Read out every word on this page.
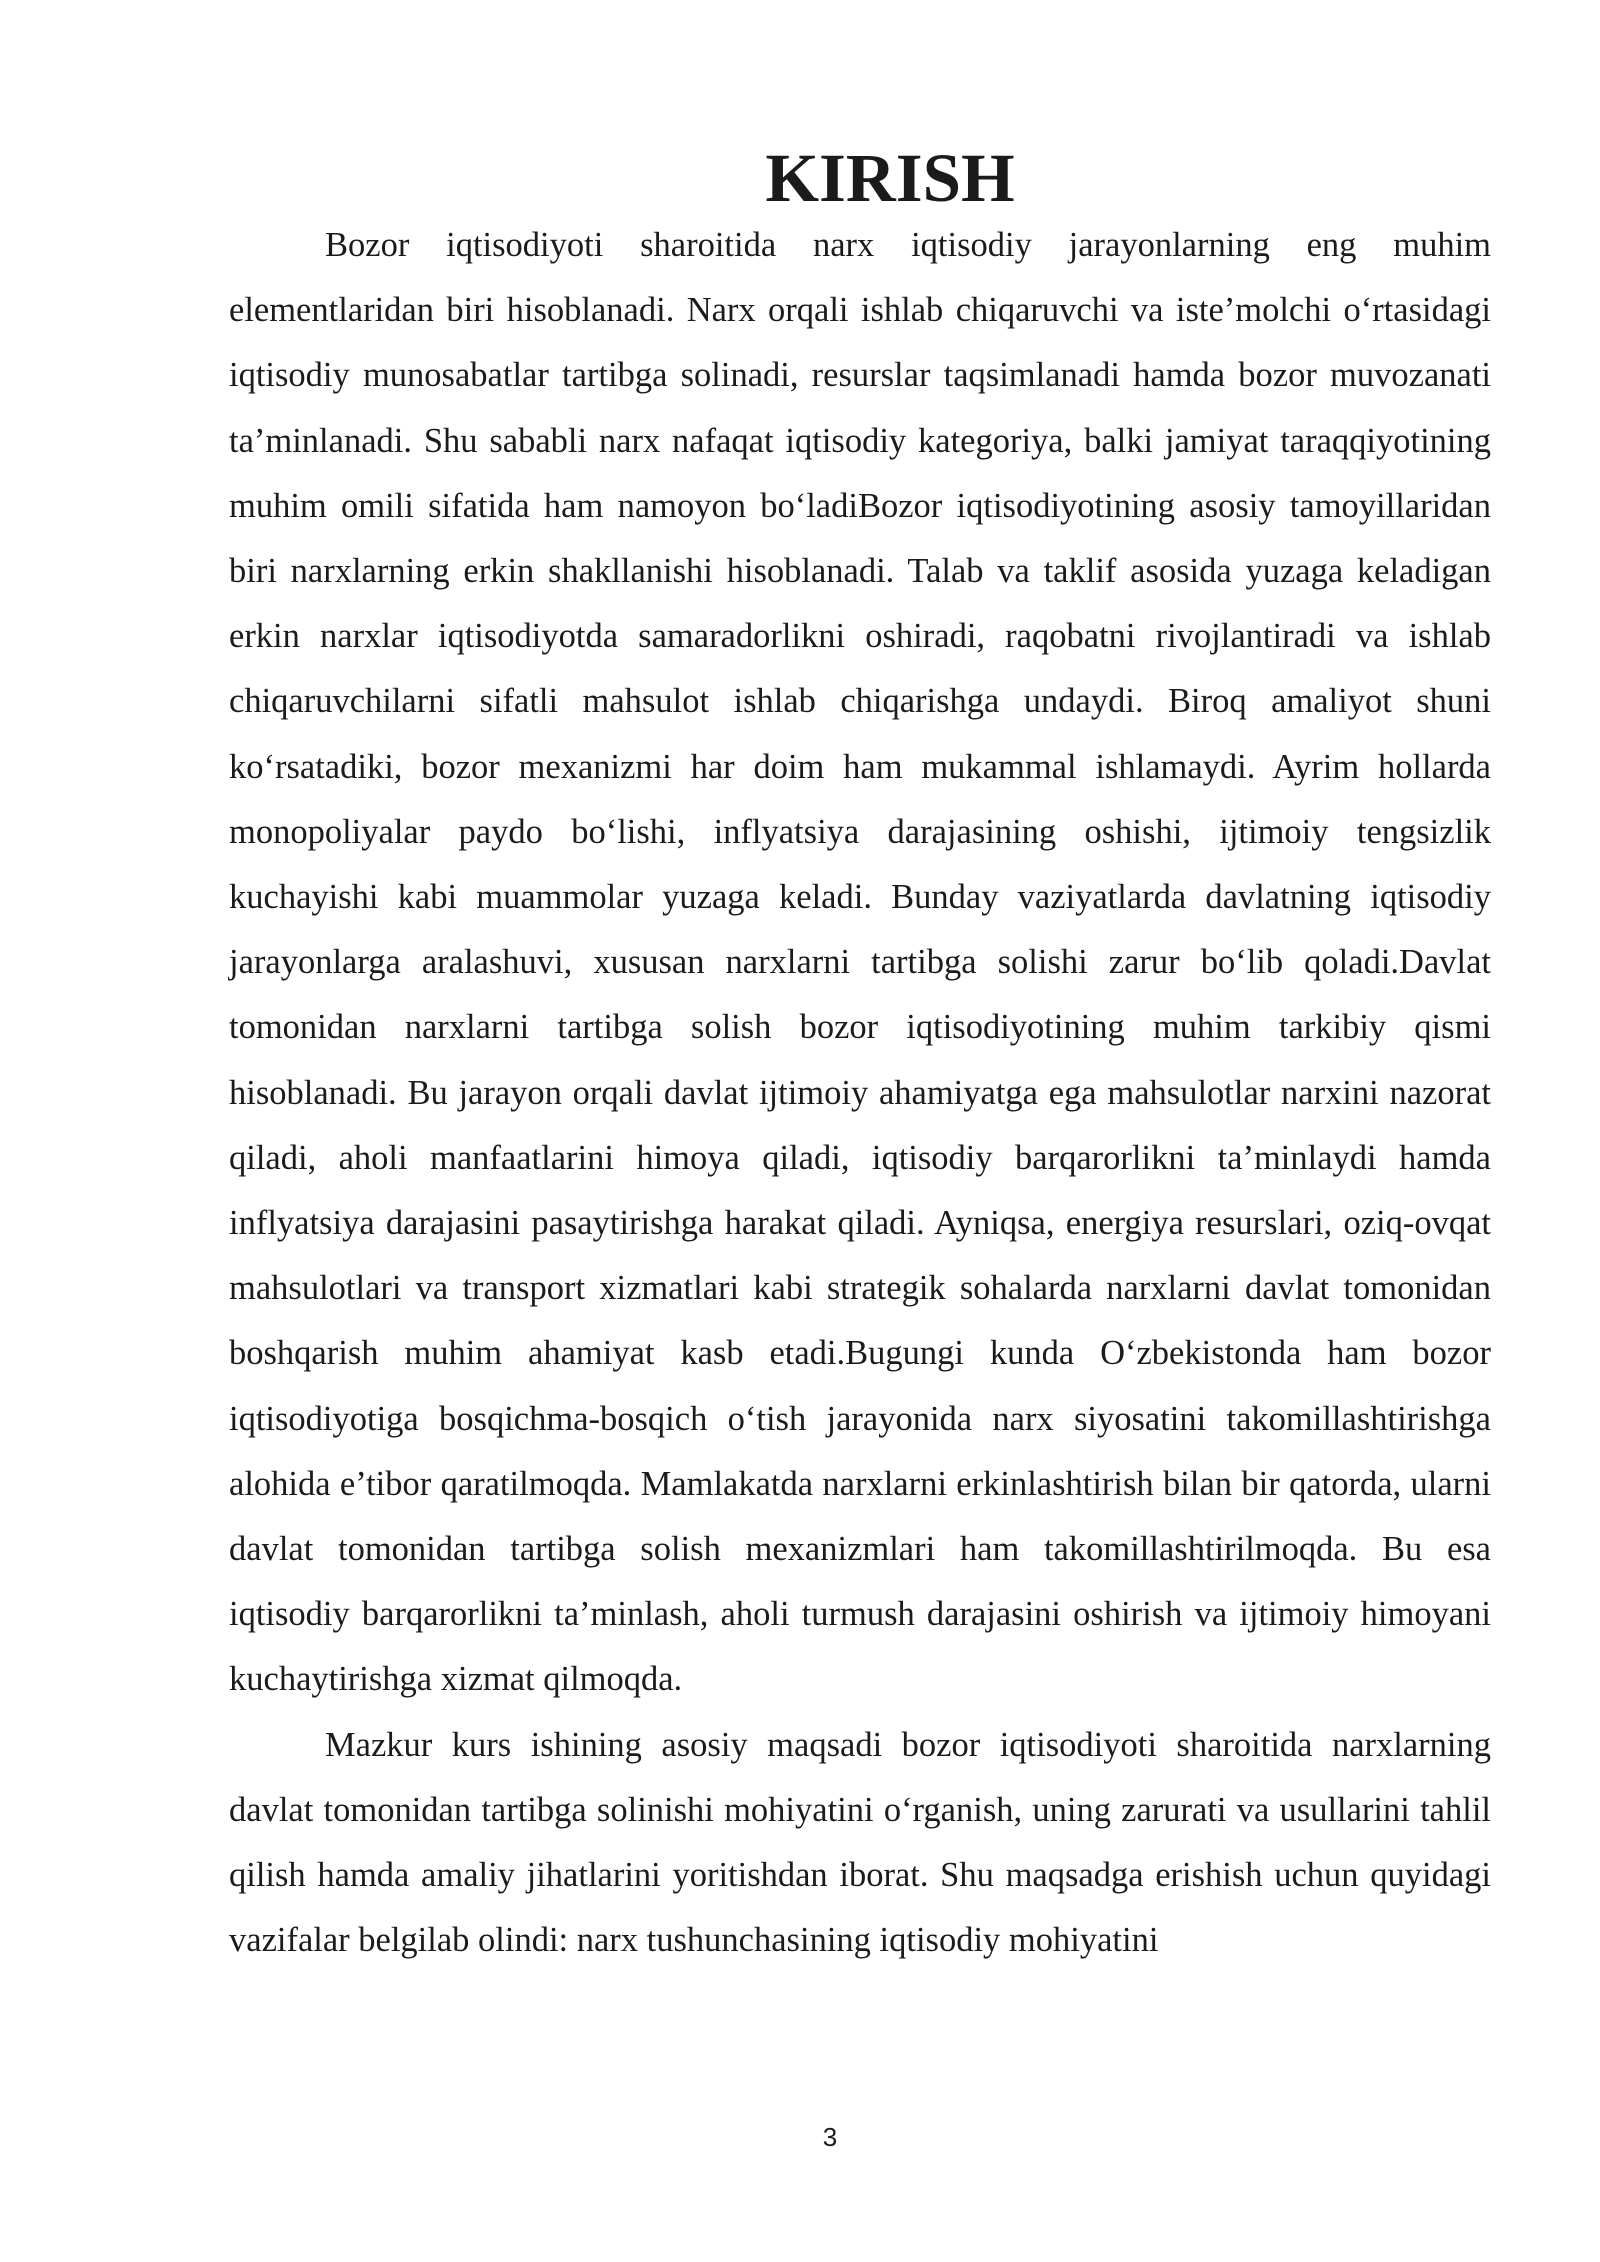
KIRISH

Bozor iqtisodiyoti sharoitida narx iqtisodiy jarayonlarning eng muhim elementlaridan biri hisoblanadi. Narx orqali ishlab chiqaruvchi va iste’molchi o‘rtasidagi iqtisodiy munosabatlar tartibga solinadi, resurslar taqsimlanadi hamda bozor muvozanati ta’minlanadi. Shu sababli narx nafaqat iqtisodiy kategoriya, balki jamiyat taraqqiyotining muhim omili sifatida ham namoyon bo‘ladiBozor iqtisodiyotining asosiy tamoyillaridan biri narxlarning erkin shakllanishi hisoblanadi. Talab va taklif asosida yuzaga keladigan erkin narxlar iqtisodiyotda samaradorlikni oshiradi, raqobatni rivojlantiradi va ishlab chiqaruvchilarni sifatli mahsulot ishlab chiqarishga undaydi. Biroq amaliyot shuni ko‘rsatadiki, bozor mexanizmi har doim ham mukammal ishlamaydi. Ayrim hollarda monopoliyalar paydo bo‘lishi, inflyatsiya darajasining oshishi, ijtimoiy tengsizlik kuchayishi kabi muammolar yuzaga keladi. Bunday vaziyatlarda davlatning iqtisodiy jarayonlarga aralashuvi, xususan narxlarni tartibga solishi zarur bo‘lib qoladi.Davlat tomonidan narxlarni tartibga solish bozor iqtisodiyotining muhim tarkibiy qismi hisoblanadi. Bu jarayon orqali davlat ijtimoiy ahamiyatga ega mahsulotlar narxini nazorat qiladi, aholi manfaatlarini himoya qiladi, iqtisodiy barqarorlikni ta’minlaydi hamda inflyatsiya darajasini pasaytirishga harakat qiladi. Ayniqsa, energiya resurslari, oziq-ovqat mahsulotlari va transport xizmatlari kabi strategik sohalarda narxlarni davlat tomonidan boshqarish muhim ahamiyat kasb etadi.Bugungi kunda O‘zbekistonda ham bozor iqtisodiyotiga bosqichma-bosqich o‘tish jarayonida narx siyosatini takomillashtirishga alohida e’tibor qaratilmoqda. Mamlakatda narxlarni erkinlashtirish bilan bir qatorda, ularni davlat tomonidan tartibga solish mexanizmlari ham takomillashtirilmoqda. Bu esa iqtisodiy barqarorlikni ta’minlash, aholi turmush darajasini oshirish va ijtimoiy himoyani kuchaytirishga xizmat qilmoqda.

Mazkur kurs ishining asosiy maqsadi bozor iqtisodiyoti sharoitida narxlarning davlat tomonidan tartibga solinishi mohiyatini o‘rganish, uning zarurati va usullarini tahlil qilish hamda amaliy jihatlarini yoritishdan iborat. Shu maqsadga erishish uchun quyidagi vazifalar belgilab olindi: narx tushunchasining iqtisodiy mohiyatini

3
